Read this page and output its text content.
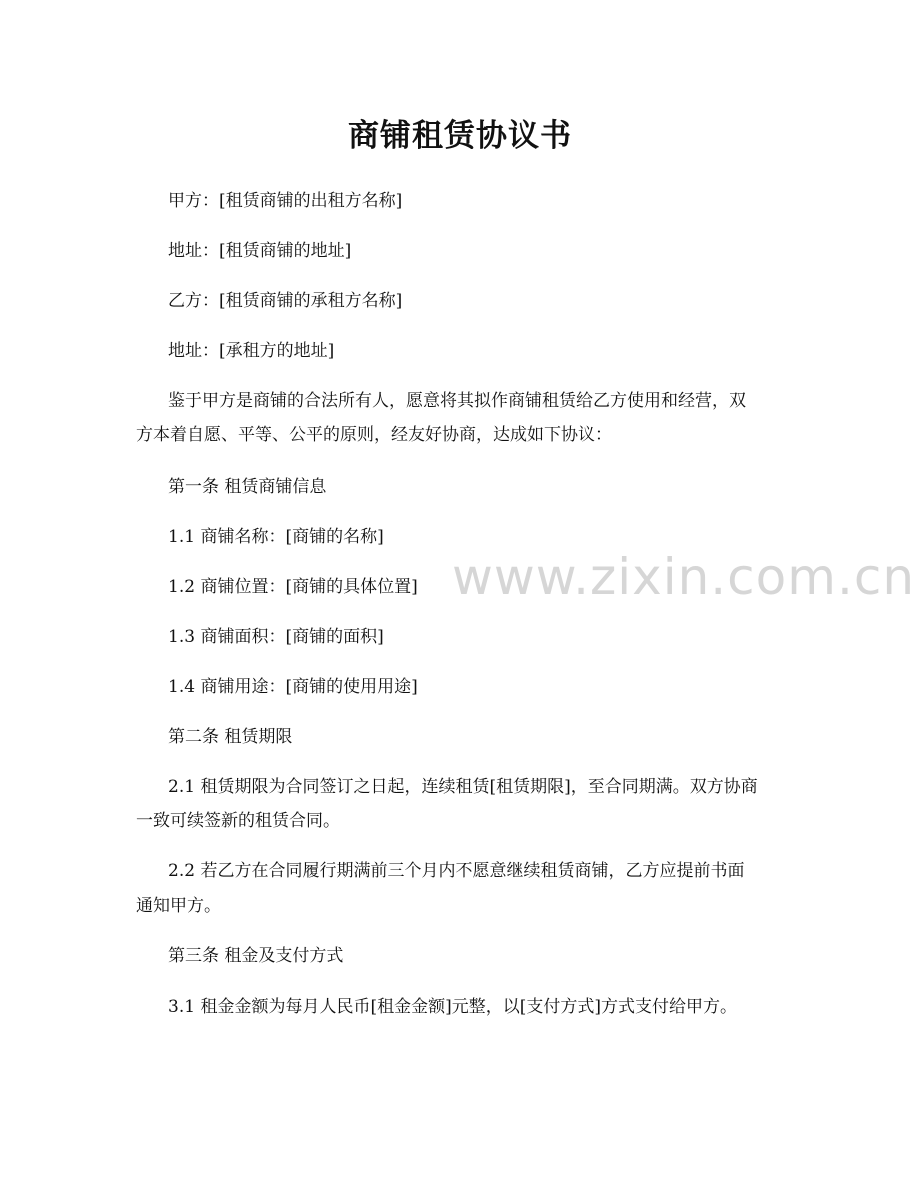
商铺租赁协议书
甲方：[租赁商铺的出租方名称]
地址：[租赁商铺的地址]
乙方：[租赁商铺的承租方名称]
地址：[承租方的地址]
鉴于甲方是商铺的合法所有人，愿意将其拟作商铺租赁给乙方使用和经营，双
方本着自愿、平等、公平的原则，经友好协商，达成如下协议：
第一条 租赁商铺信息
1.1 商铺名称：[商铺的名称]
1.2 商铺位置：[商铺的具体位置]
1.3 商铺面积：[商铺的面积]
1.4 商铺用途：[商铺的使用用途]
第二条 租赁期限
2.1 租赁期限为合同签订之日起，连续租赁[租赁期限]，至合同期满。双方协商
一致可续签新的租赁合同。
2.2 若乙方在合同履行期满前三个月内不愿意继续租赁商铺，乙方应提前书面
通知甲方。
第三条 租金及支付方式
3.1 租金金额为每月人民币[租金金额]元整，以[支付方式]方式支付给甲方。
www.zixin.com.cn
